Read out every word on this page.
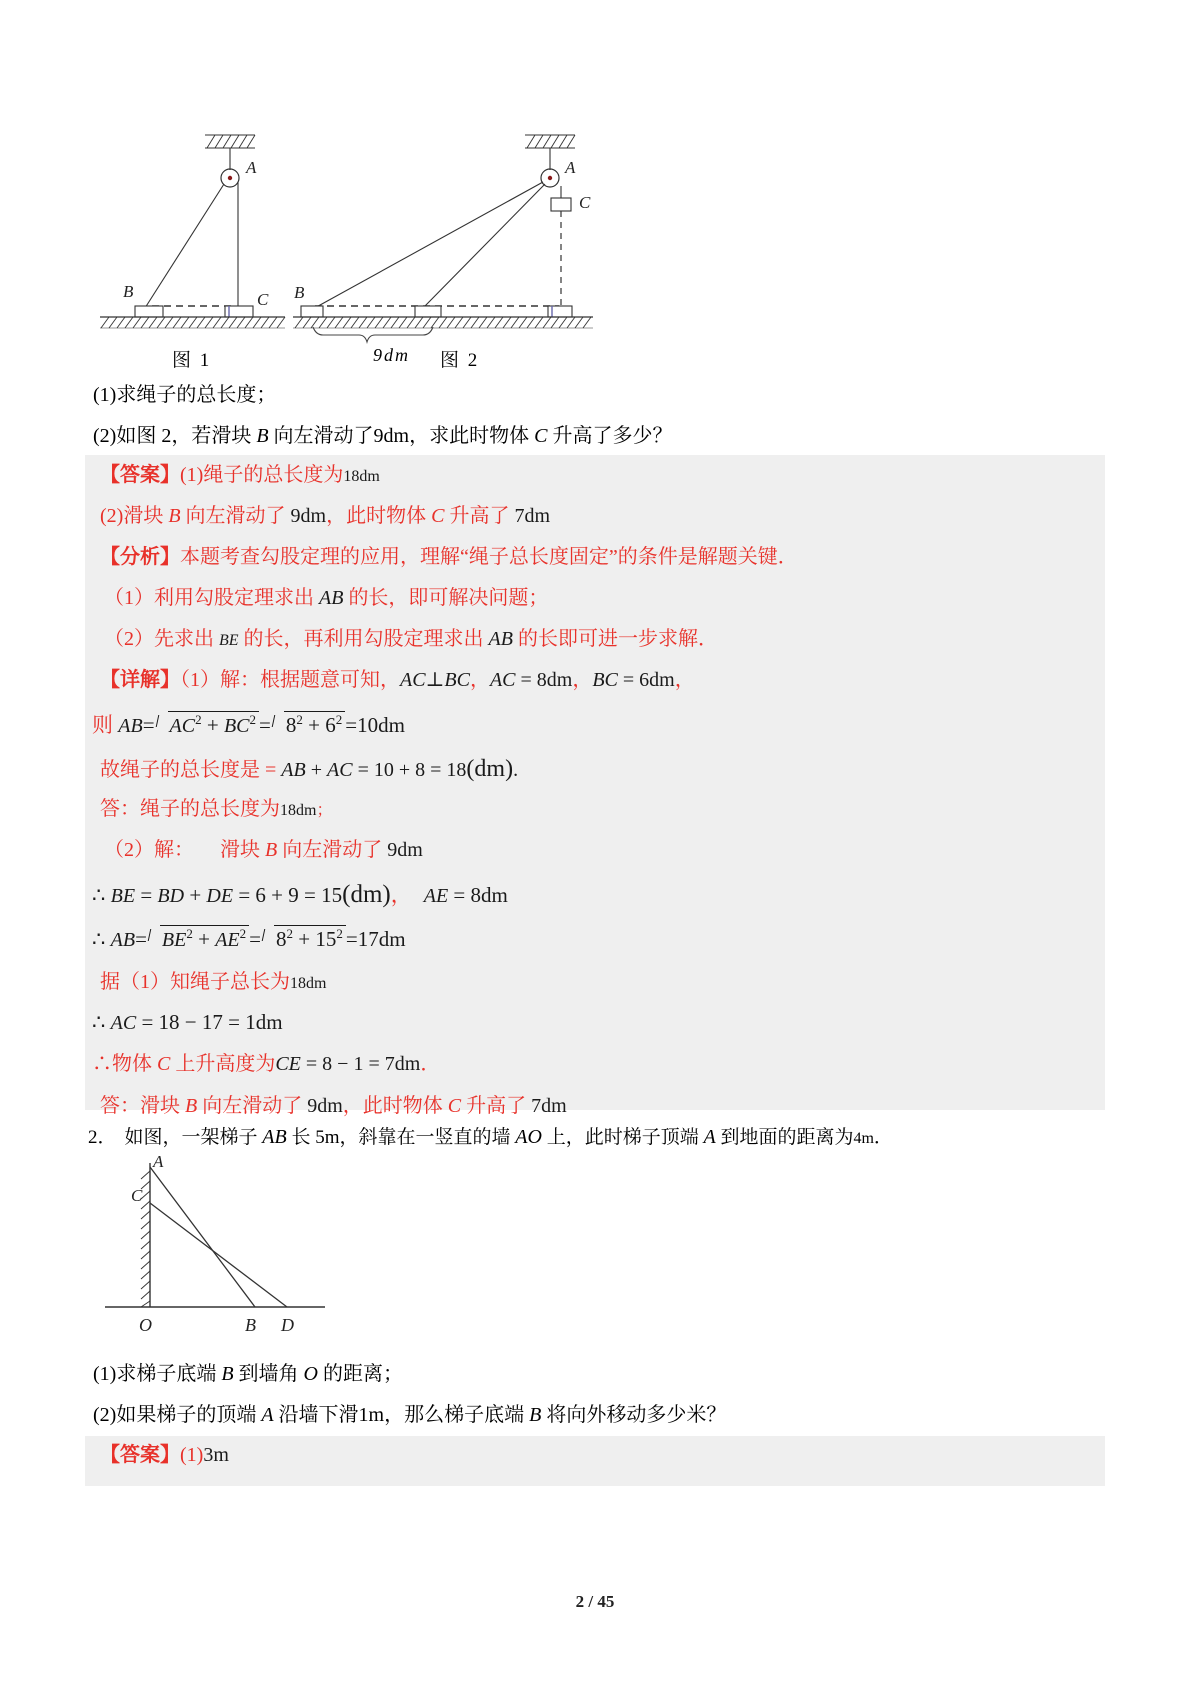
A
B	C
A
C
B
图 1	9dm 图 2
(1)求绳子的总长度；
(2)如图 2，若滑块 B 向左滑动了9dm，求此时物体 C 升高了多少？
【答案】(1)绳子的总长度为18dm
(2)滑块 B 向左滑动了 9dm，此时物体 C 升高了 7dm
【分析】本题考查勾股定理的应用，理解“绳子总长度固定”的条件是解题关键．
（1）利用勾股定理求出 AB 的长，即可解决问题；
（2）先求出 BE 的长，再利用勾股定理求出 AB 的长即可进一步求解．
【详解】（1）解：根据题意可知，AC⊥BC，AC = 8dm，BC = 6dm，
则 $AB= AC^2 + BC^2 = 8^2 + 6^2 =10dm$
故绳子的总长度是 = AB + AC = 10 + 8 = 18(dm).
答：绳子的总长度为18dm；
（2）解： 滑块 B 向左滑动了 9dm
∴ BE = BD + DE = 6 + 9 = 15(dm)， AE = 8dm
∴ $AB= BE^2 + AE^2 = 8^2 + 15^2 =17dm$
据（1）知绳子总长为18dm
∴ AC = 18 − 17 = 1dm
∴物体 C 上升高度为CE = 8 − 1 = 7dm．
答：滑块 B 向左滑动了 9dm，此时物体 C 升高了 7dm
2． 如图，一架梯子 AB 长 5m，斜靠在一竖直的墙 AO 上，此时梯子顶端 A 到地面的距离为4m．
A
C
O	B D
(1)求梯子底端 B 到墙角 O 的距离；
(2)如果梯子的顶端 A 沿墙下滑1m，那么梯子底端 B 将向外移动多少米？
【答案】(1)3m
2 / 45
